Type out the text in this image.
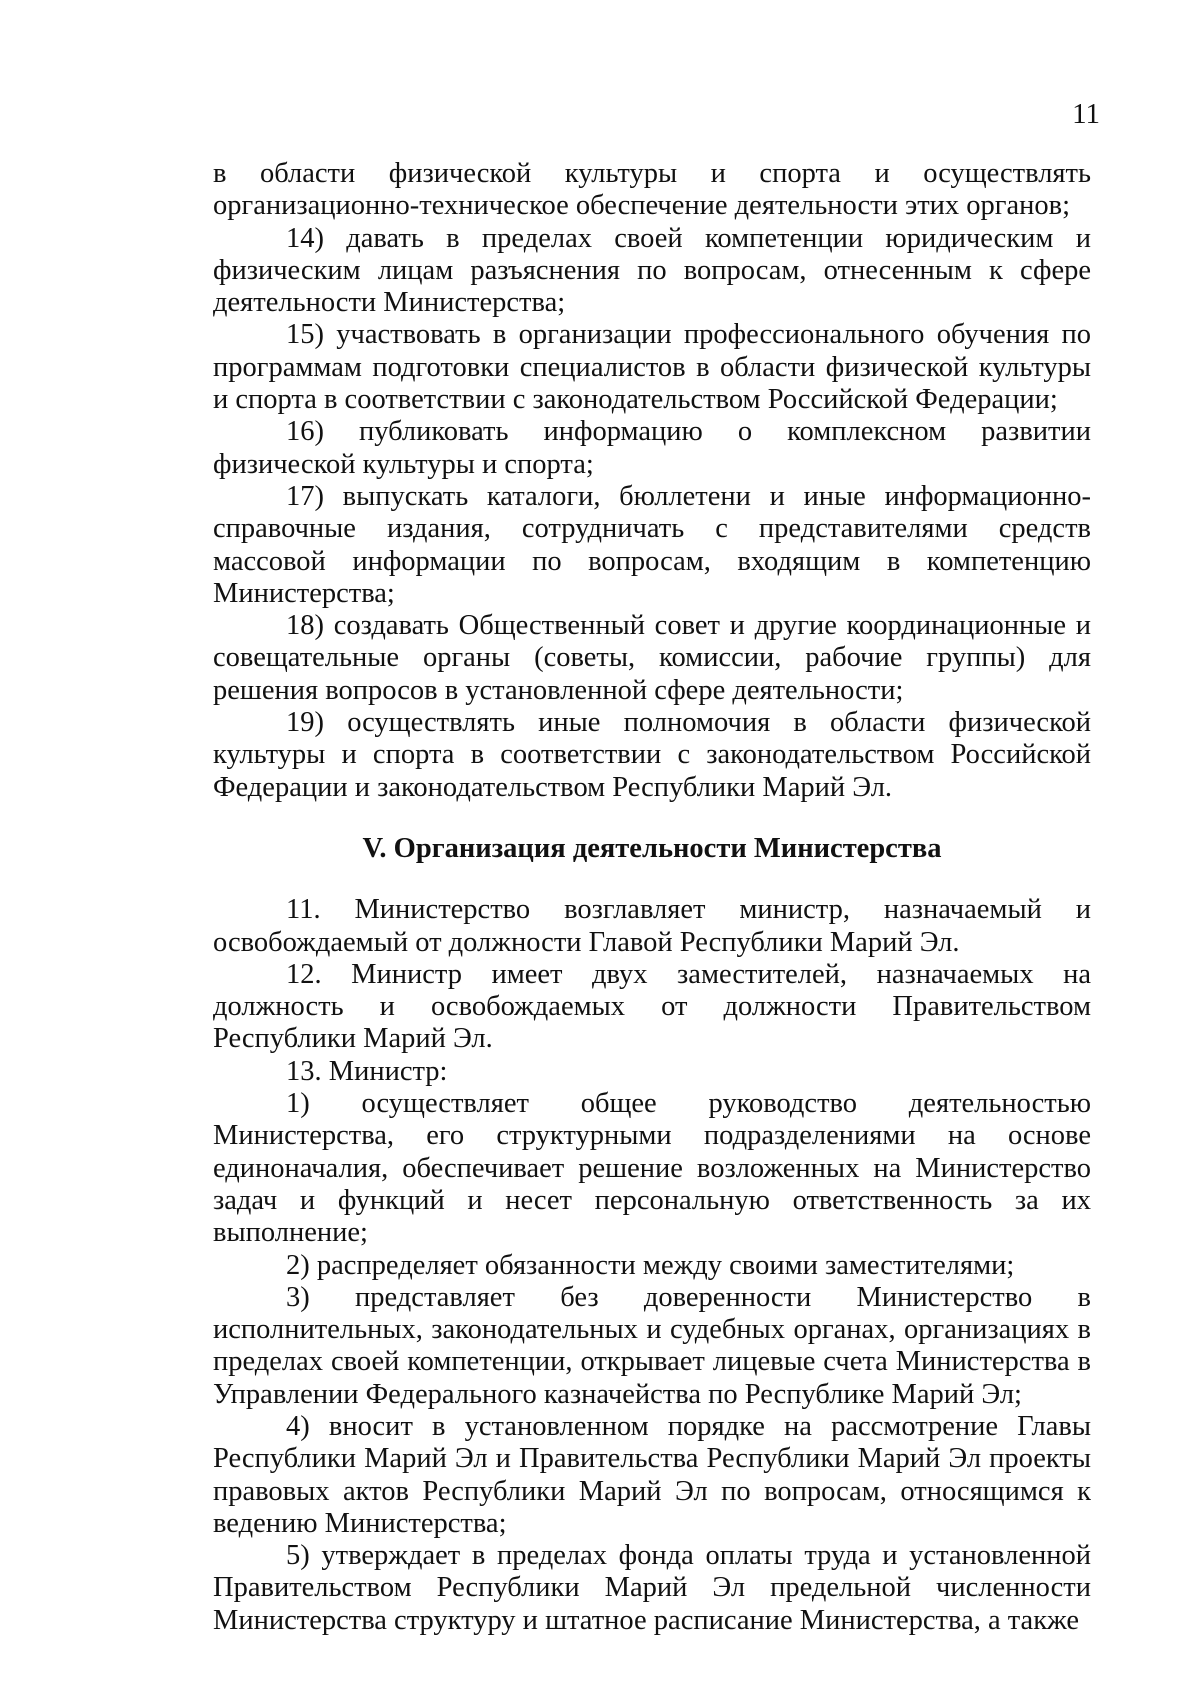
11

в области физической культуры и спорта и осуществлять организационно-техническое обеспечение деятельности этих органов;

14) давать в пределах своей компетенции юридическим и физическим лицам разъяснения по вопросам, отнесенным к сфере деятельности Министерства;

15) участвовать в организации профессионального обучения по программам подготовки специалистов в области физической культуры и спорта в соответствии с законодательством Российской Федерации;

16) публиковать информацию о комплексном развитии физической культуры и спорта;

17) выпускать каталоги, бюллетени и иные информационно-справочные издания, сотрудничать с представителями средств массовой информации по вопросам, входящим в компетенцию Министерства;

18) создавать Общественный совет и другие координационные и совещательные органы (советы, комиссии, рабочие группы) для решения вопросов в установленной сфере деятельности;

19) осуществлять иные полномочия в области физической культуры и спорта в соответствии с законодательством Российской Федерации и законодательством Республики Марий Эл.

V. Организация деятельности Министерства

11. Министерство возглавляет министр, назначаемый и освобождаемый от должности Главой Республики Марий Эл.

12. Министр имеет двух заместителей, назначаемых на должность и освобождаемых от должности Правительством Республики Марий Эл.

13. Министр:

1) осуществляет общее руководство деятельностью Министерства, его структурными подразделениями на основе единоначалия, обеспечивает решение возложенных на Министерство задач и функций и несет персональную ответственность за их выполнение;

2) распределяет обязанности между своими заместителями;

3) представляет без доверенности Министерство в исполнительных, законодательных и судебных органах, организациях в пределах своей компетенции, открывает лицевые счета Министерства в Управлении Федерального казначейства по Республике Марий Эл;

4) вносит в установленном порядке на рассмотрение Главы Республики Марий Эл и Правительства Республики Марий Эл проекты правовых актов Республики Марий Эл по вопросам, относящимся к ведению Министерства;

5) утверждает в пределах фонда оплаты труда и установленной Правительством Республики Марий Эл предельной численности Министерства структуру и штатное расписание Министерства, а также
